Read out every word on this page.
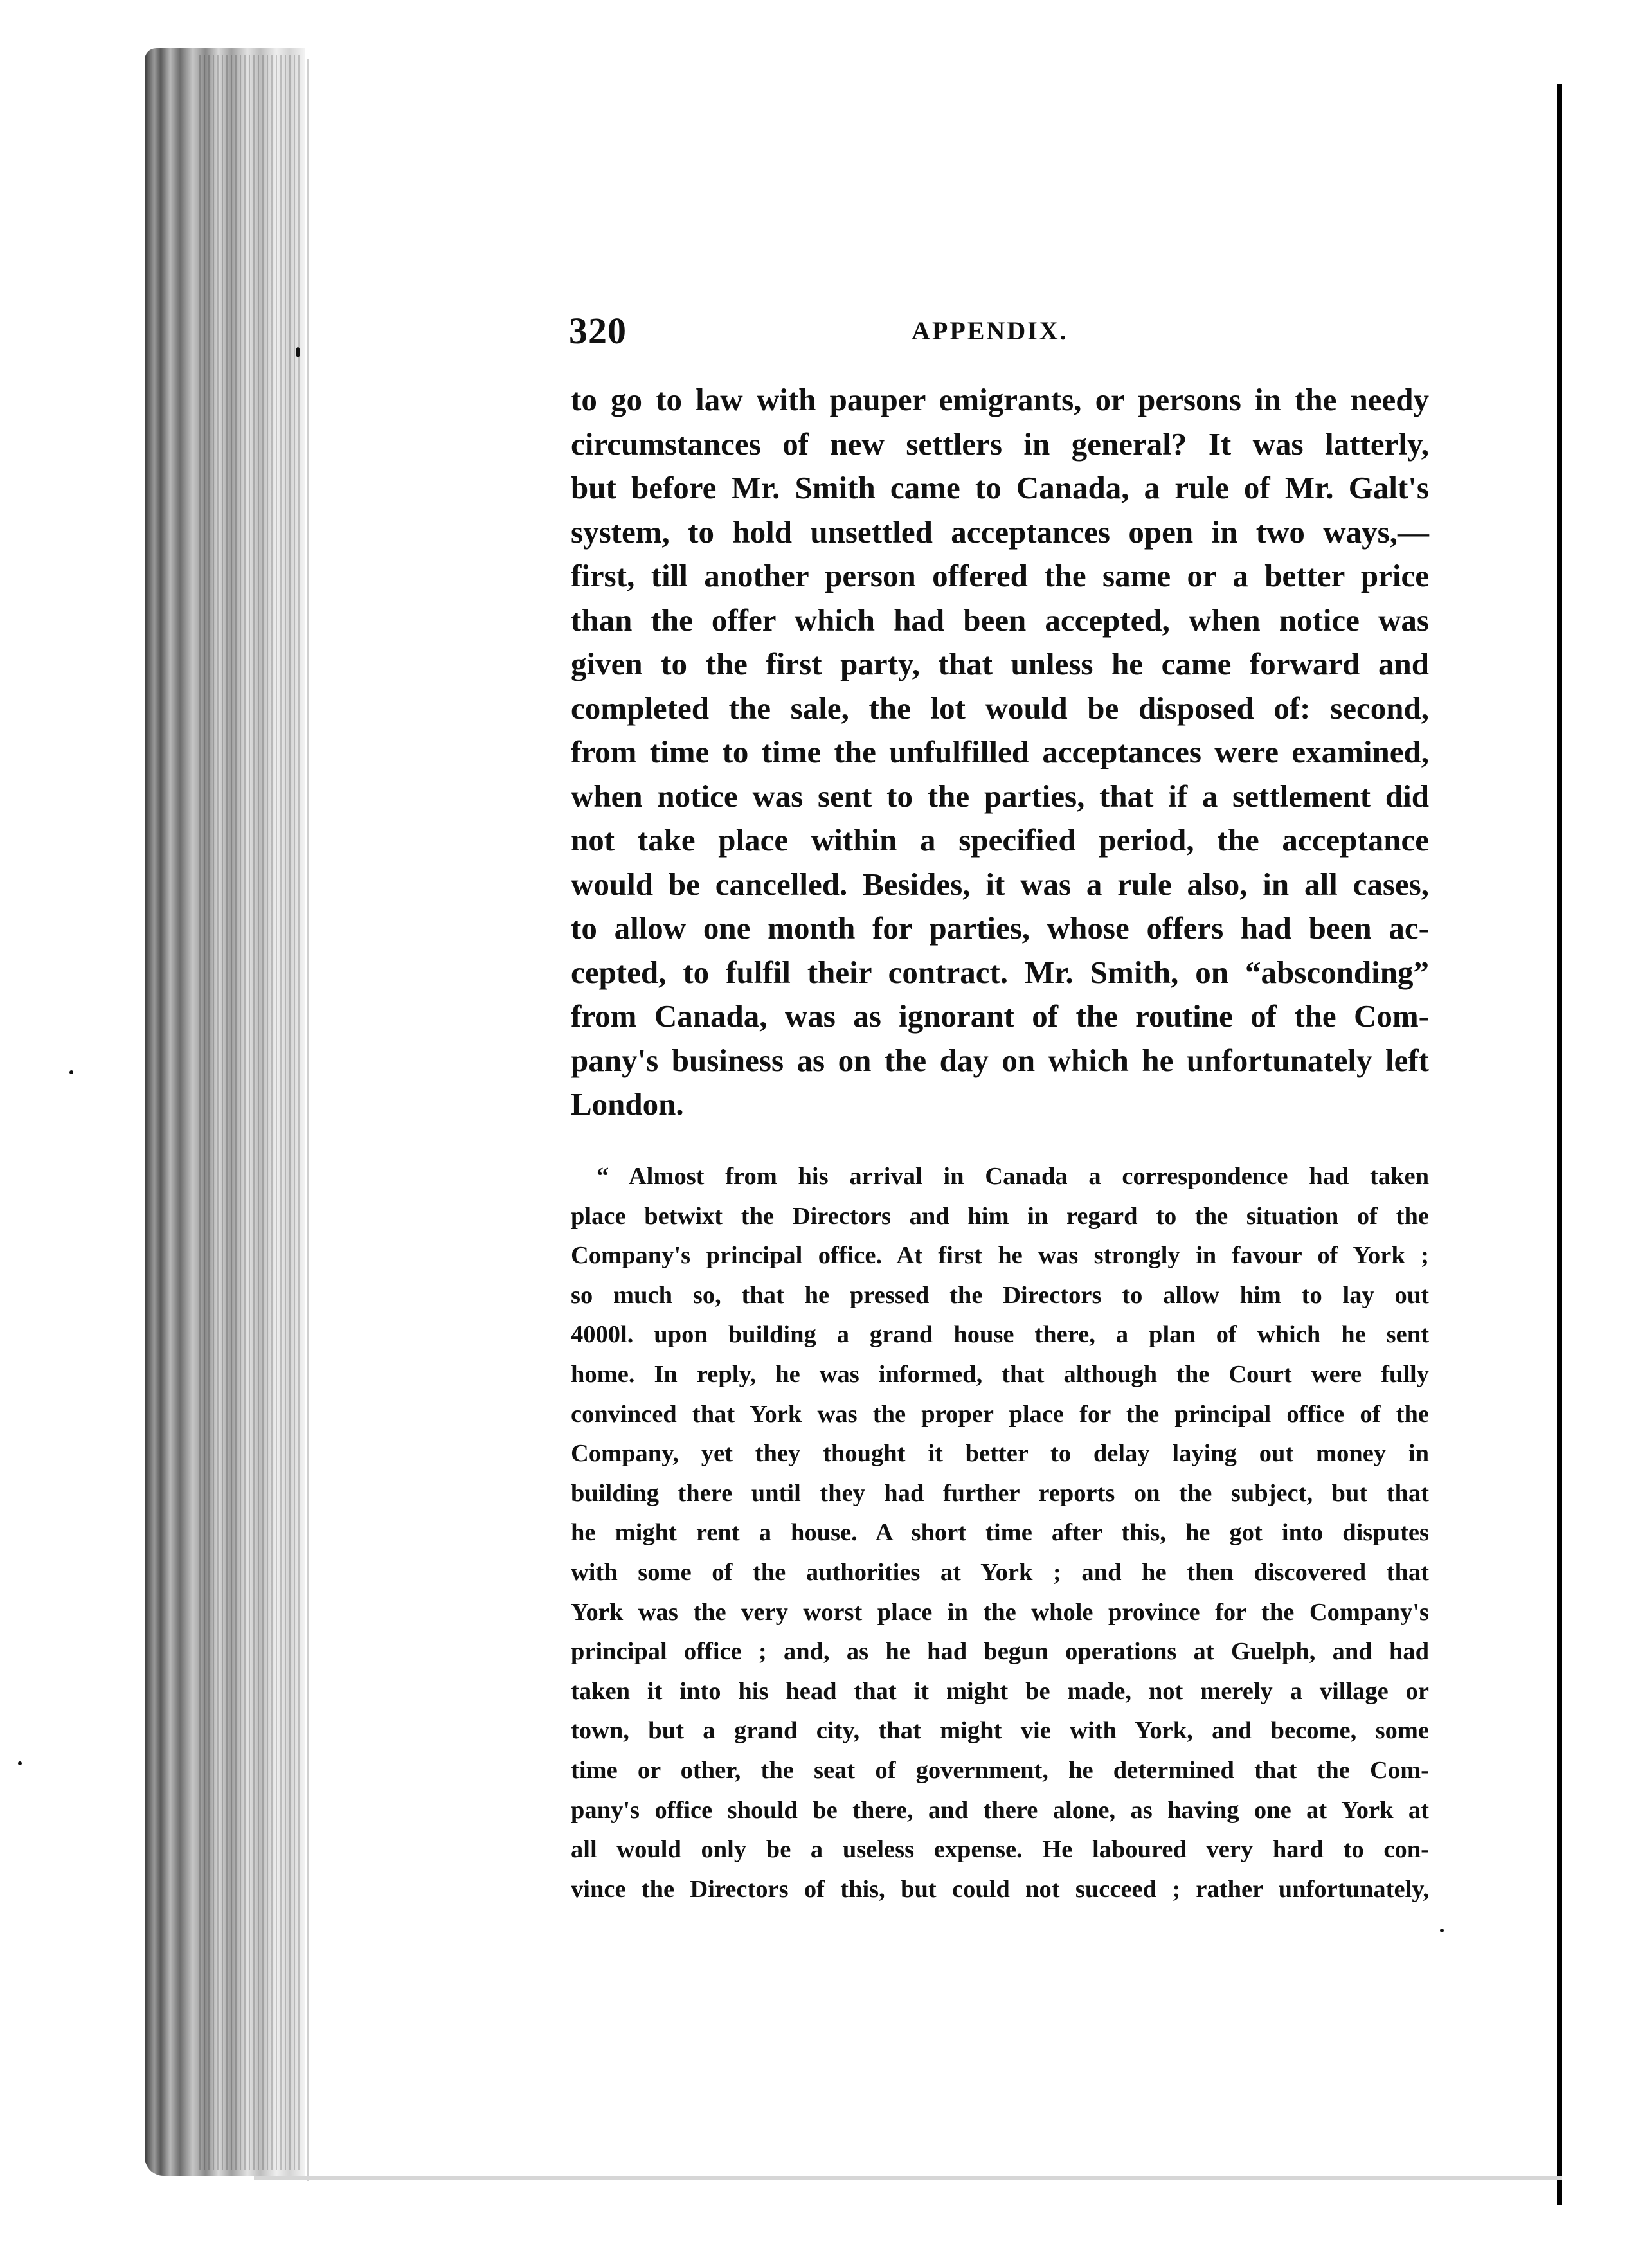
320	APPENDIX.
to go to law with pauper emigrants, or persons in the needy
circumstances of new settlers in general? It was latterly,
but before Mr. Smith came to Canada, a rule of Mr. Galt's
system, to hold unsettled acceptances open in two ways,—
first, till another person offered the same or a better price
than the offer which had been accepted, when notice was
given to the first party, that unless he came forward and
completed the sale, the lot would be disposed of: second,
from time to time the unfulfilled acceptances were examined,
when notice was sent to the parties, that if a settlement did
not take place within a specified period, the acceptance
would be cancelled. Besides, it was a rule also, in all cases,
to allow one month for parties, whose offers had been ac-
cepted, to fulfil their contract. Mr. Smith, on “absconding”
from Canada, was as ignorant of the routine of the Com-
pany's business as on the day on which he unfortunately left
London.
“ Almost from his arrival in Canada a correspondence had taken
place betwixt the Directors and him in regard to the situation of the
Company's principal office. At first he was strongly in favour of York ;
so much so, that he pressed the Directors to allow him to lay out
4000l. upon building a grand house there, a plan of which he sent
home. In reply, he was informed, that although the Court were fully
convinced that York was the proper place for the principal office of the
Company, yet they thought it better to delay laying out money in
building there until they had further reports on the subject, but that
he might rent a house. A short time after this, he got into disputes
with some of the authorities at York ; and he then discovered that
York was the very worst place in the whole province for the Company's
principal office ; and, as he had begun operations at Guelph, and had
taken it into his head that it might be made, not merely a village or
town, but a grand city, that might vie with York, and become, some
time or other, the seat of government, he determined that the Com-
pany's office should be there, and there alone, as having one at York at
all would only be a useless expense. He laboured very hard to con-
vince the Directors of this, but could not succeed ; rather unfortunately,
